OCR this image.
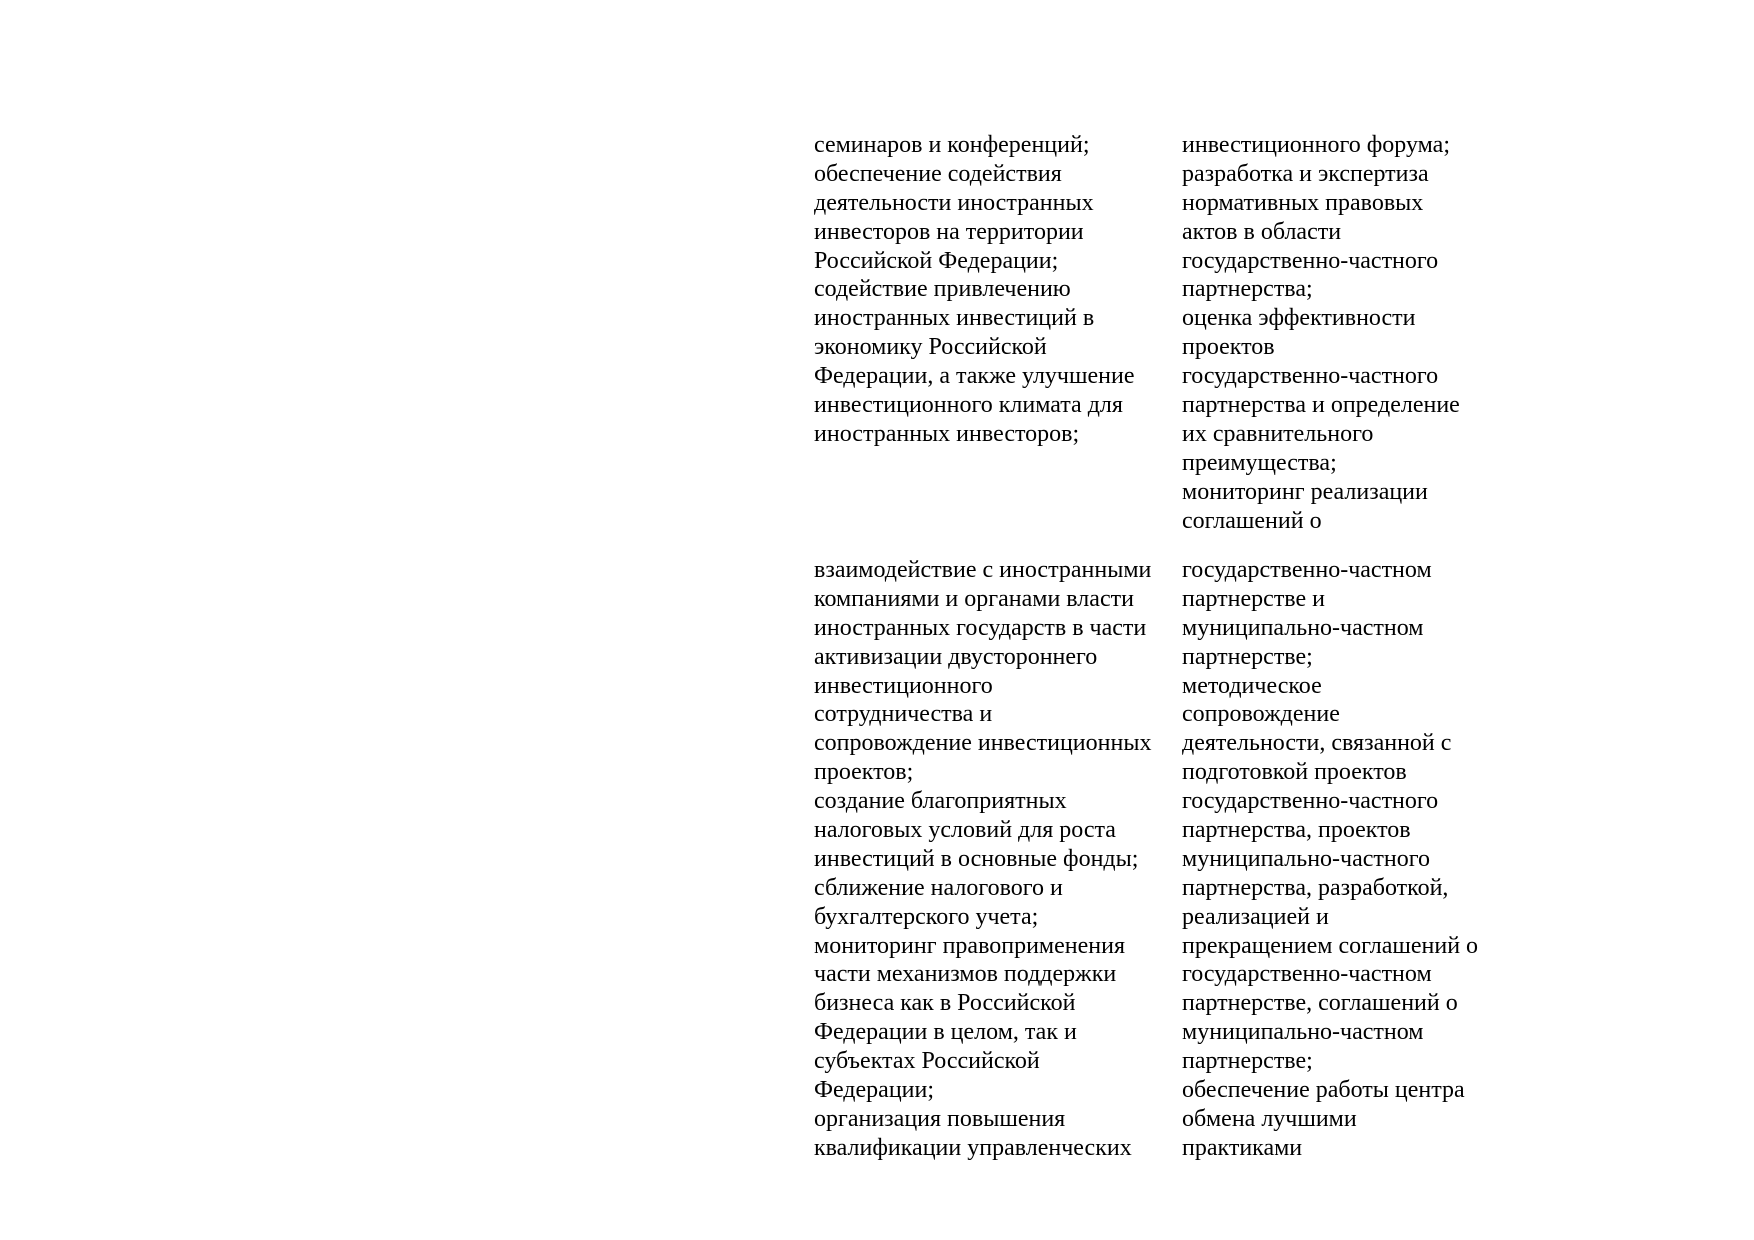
семинаров и конференций;
обеспечение содействия
деятельности иностранных
инвесторов на территории
Российской Федерации;
содействие привлечению
иностранных инвестиций в
экономику Российской
Федерации, а также улучшение
инвестиционного климата для
иностранных инвесторов;
инвестиционного форума;
разработка и экспертиза
нормативных правовых
актов в области
государственно-частного
партнерства;
оценка эффективности
проектов
государственно-частного
партнерства и определение
их сравнительного
преимущества;
мониторинг реализации
соглашений о
взаимодействие с иностранными
компаниями и органами власти
иностранных государств в части
активизации двустороннего
инвестиционного
сотрудничества и
сопровождение инвестиционных
проектов;
создание благоприятных
налоговых условий для роста
инвестиций в основные фонды;
сближение налогового и
бухгалтерского учета;
мониторинг правоприменения
части механизмов поддержки
бизнеса как в Российской
Федерации в целом, так и
субъектах Российской
Федерации;
организация повышения
квалификации управленческих
государственно-частном
партнерстве и
муниципально-частном
партнерстве;
методическое
сопровождение
деятельности, связанной с
подготовкой проектов
государственно-частного
партнерства, проектов
муниципально-частного
партнерства, разработкой,
реализацией и
прекращением соглашений о
государственно-частном
партнерстве, соглашений о
муниципально-частном
партнерстве;
обеспечение работы центра
обмена лучшими
практиками
